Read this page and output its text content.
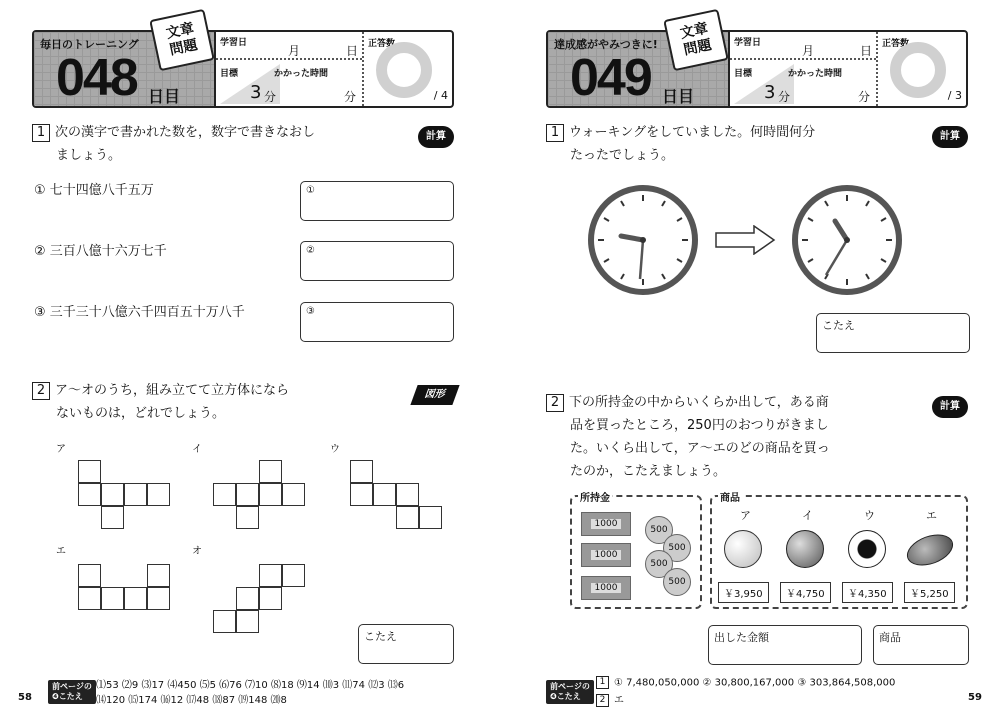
毎日のトレーニング
048 日目
学習日
月	日
目標
3 分
かかった時間
分
正答数
/ 4
文章
問題
1 次の漢字で書かれた数を，数字で書きなおし
ましょう。
計算
① 七十四億八千五万	①
② 三百八億十六万七千	②
③ 三千三十八億六千四百五十万八千	③
2 ア～オのうち，組み立てて立方体になら
ないものは，どれでしょう。
図形
ア	イ	ウ
エ	オ
こたえ
前ページの
❹こたえ
⑴53 ⑵9 ⑶17 ⑷450 ⑸5 ⑹76 ⑺10 ⑻18 ⑼14 ⑽3 ⑾74 ⑿3 ⒀6
⒁120 ⒂174 ⒃12 ⒄48 ⒅87 ⒆148 ⒇8
58
達成感がやみつきに!
049 日目
学習日
月	日
目標
3 分
かかった時間
分
正答数
/ 3
文章
問題
1 ウォーキングをしていました。何時間何分
たったでしょう。
計算
こたえ
2 下の所持金の中からいくらか出して，ある商
品を買ったところ，250円のおつりがきまし
た。いくら出して，ア～エのどの商品を買っ
たのか，こたえましょう。
計算
所持金
1000
1000
1000
500
500
500
500
商品
ア	イ	ウ	エ
￥3,950	￥4,750	￥4,350	￥5,250
出した金額	商品
前ページの
❹こたえ
1 ① 7,480,050,000 ② 30,800,167,000 ③ 303,864,508,000
2 エ	59
